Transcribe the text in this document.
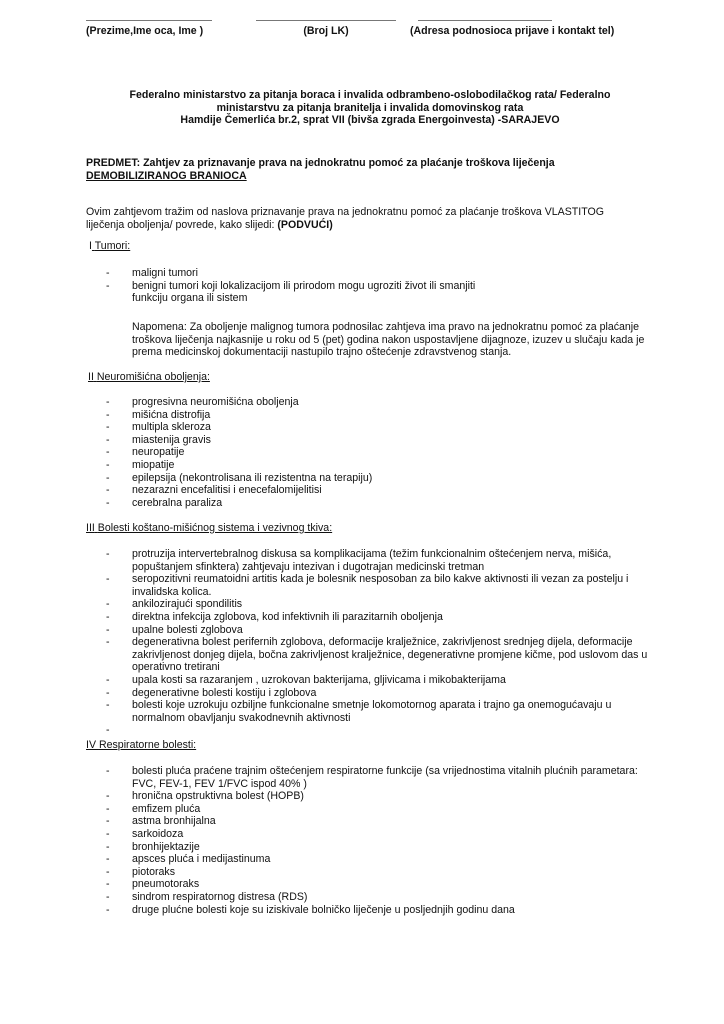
(Prezime,Ime oca, Ime )	(Broj LK)	(Adresa podnosioca prijave i kontakt tel)
Federalno ministarstvo za pitanja boraca i invalida odbrambeno-oslobodilačkog rata/ Federalno
ministarstvu za pitanja branitelja i invalida domovinskog rata
Hamdije Čemerlića br.2, sprat VII (bivša zgrada Energoinvesta) -SARAJEVO
PREDMET: Zahtjev za priznavanje prava na jednokratnu pomoć za plaćanje troškova liječenja
DEMOBILIZIRANOG BRANIOCA
Ovim zahtjevom tražim od naslova priznavanje prava na jednokratnu pomoć za plaćanje troškova VLASTITOG
liječenja oboljenja/ povrede, kako slijedi: (PODVUĆI)
I Tumori:
- maligni tumori
- benigni tumori koji lokalizacijom ili prirodom mogu ugroziti život ili smanjiti funkciju organa ili sistem
Napomena: Za oboljenje malignog tumora podnosilac zahtjeva ima pravo na jednokratnu pomoć za plaćanje troškova liječenja najkasnije u roku od 5 (pet) godina nakon uspostavljene dijagnoze, izuzev u slučaju kada je prema medicinskoj dokumentaciji nastupilo trajno oštećenje zdravstvenog stanja.
II Neuromišićna oboljenja:
- progresivna neuromišićna oboljenja
- mišićna distrofija
- multipla skleroza
- miastenija gravis
- neuropatije
- miopatije
- epilepsija (nekontrolisana ili rezistentna na terapiju)
- nezarazni encefalitisi i enecefalomijelitisi
- cerebralna paraliza
III Bolesti koštano-mišićnog sistema i vezivnog tkiva:
- protruzija intervertebralnog diskusa sa komplikacijama (težim funkcionalnim oštećenjem nerva, mišića, popuštanjem sfinktera) zahtjevaju intezivan i dugotrajan medicinski tretman
- seropozitivni reumatoidni artitis kada je bolesnik nesposoban za bilo kakve aktivnosti ili vezan za postelju i invalidska kolica.
- ankilozirajući spondilitis
- direktna infekcija zglobova, kod infektivnih ili parazitarnih oboljenja
- upalne bolesti zglobova
- degenerativna bolest perifernih zglobova, deformacije kralježnice, zakrivljenost srednjeg dijela, deformacije zakrivljenost donjeg dijela, bočna zakrivljenost kralježnice, degenerativne promjene kičme, pod uslovom das u operativno tretirani
- upala kosti sa razaranjem , uzrokovan bakterijama, gljivicama i mikobakterijama
- degenerativne bolesti kostiju i zglobova
- bolesti koje uzrokuju ozbiljne funkcionalne smetnje lokomotornog aparata i trajno ga onemogućavaju u normalnom obavljanju svakodnevnih aktivnosti
-
IV Respiratorne bolesti:
- bolesti pluća praćene trajnim oštećenjem respiratorne funkcije (sa vrijednostima vitalnih plućnih parametara: FVC, FEV-1, FEV 1/FVC ispod 40% )
- hronična opstruktivna bolest (HOPB)
- emfizem pluća
- astma bronhijalna
- sarkoidoza
- bronhijektazije
- apsces pluća i medijastinuma
- piotoraks
- pneumotoraks
- sindrom respiratornog distresa (RDS)
- druge plućne bolesti koje su iziskivale bolničko liječenje u posljednjih godinu dana
